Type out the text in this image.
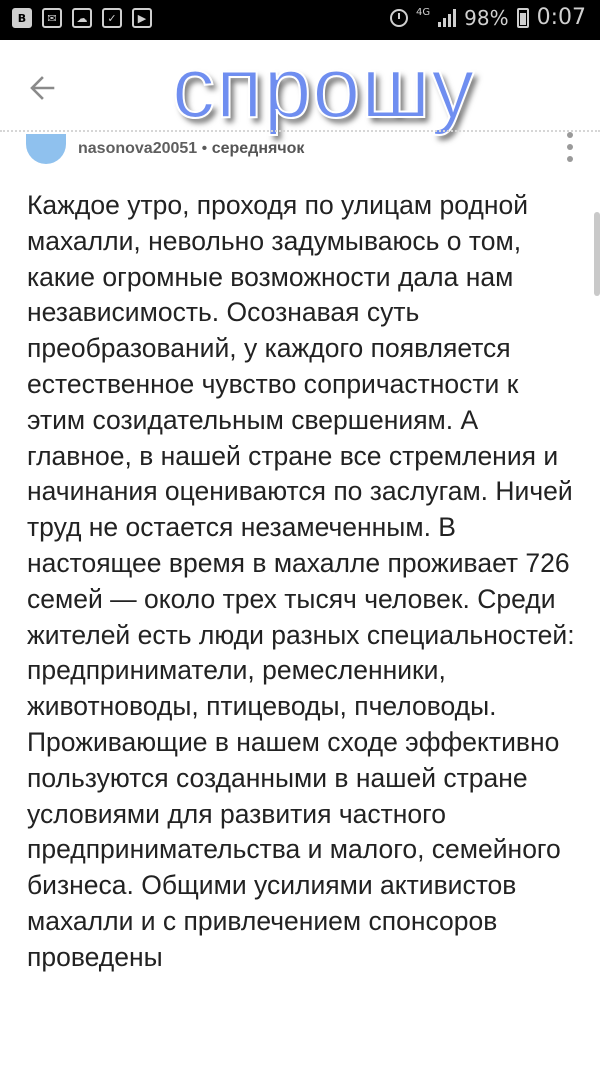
B	✉	☁	✓	▶	4G 98% 0:07
спрошу
nasonova20051 • середнячок
Каждое утро, проходя по улицам родной махалли, невольно задумываюсь о том, какие огромные возможности дала нам независимость. Осознавая суть преобразований, у каждого появляется естественное чувство сопричастности к этим созидательным свершениям. А главное, в нашей стране все стремления и начинания оцениваются по заслугам. Ничей труд не остается незамеченным. В настоящее время в махалле проживает 726 семей — около трех тысяч человек. Среди жителей есть люди разных специальностей: предприниматели, ремесленники, животноводы, птицеводы, пчеловоды. Проживающие в нашем сходе эффективно пользуются созданными в нашей стране условиями для развития частного предпринимательства и малого, семейного бизнеса. Общими усилиями активистов махалли и с привлечением спонсоров проведены
